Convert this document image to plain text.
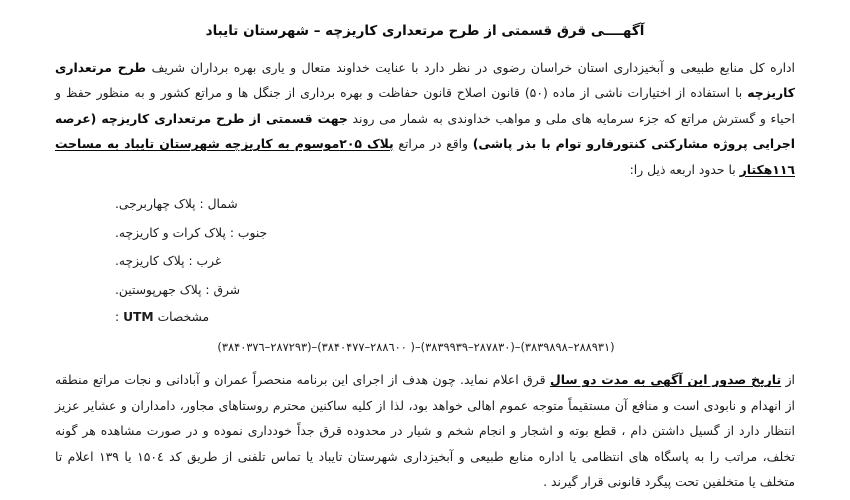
آگهــــی قرق قسمتی از طرح مرتعداری کاریزچه – شهرستان تایباد

اداره کل منابع طبیعی و آبخیزداری استان خراسان رضوی در نظر دارد با عنایت خداوند متعال و یاری بهره برداران شریف طرح مرتعداری کاریزچه با استفاده از اختیارات ناشی از ماده (۵۰) قانون اصلاح قانون حفاظت و بهره برداری از جنگل ها و مراتع کشور و به منظور حفظ و احیاء و گسترش مراتع که جزء سرمایه های ملی و مواهب خداوندی به شمار می روند جهت قسمتی از طرح مرتعداری کاریزچه (عرصه اجرایی پروژه مشارکتی کنتورفارو توام با بذر پاشی) واقع در مراتع پلاک ۲۰۵موسوم به کاریزچه شهرستان تایباد به مساحت ۱۱٦هکتار با حدود اربعه ذیل را:

شمال : پلاک چهاربرجی.
جنوب : پلاک کرات و کاریزچه.
غرب : پلاک کاریزچه.
شرق : پلاک جهرپوستین.
مشخصات UTM :
(۳۸۴۰۳۷٦–۲۸۷۲۹۳)–(۳۸۴۰۴۷۷–۲۸۸٦۰۰ )–(۳۸۳۹۹۳۹–۲۸۷۸۳۰)–(۳۸۳۹۸۹۸–۲۸۸۹۳۱)

از تاریخ صدور این آگهی به مدت دو سال قرق اعلام نماید. چون هدف از اجرای این برنامه منحصراً عمران و آبادانی و نجات مراتع منطقه از انهدام و نابودی است و منافع آن مستقیماً متوجه عموم اهالی خواهد بود، لذا از کلیه ساکنین محترم روستاهای مجاور، دامداران و عشایر عزیز انتظار دارد از گسیل داشتن دام ، قطع بوته و اشجار و انجام شخم و شیار در محدوده قرق جداً خودداری نموده و در صورت مشاهده هر گونه تخلف، مراتب را به پاسگاه های انتظامی یا اداره منابع طبیعی و آبخیزداری شهرستان تایباد یا تماس تلفنی از طریق کد ۱۵۰٤ یا ۱۳۹ اعلام تا متخلف یا متخلفین تحت پیگرد قانونی قرار گیرند .
